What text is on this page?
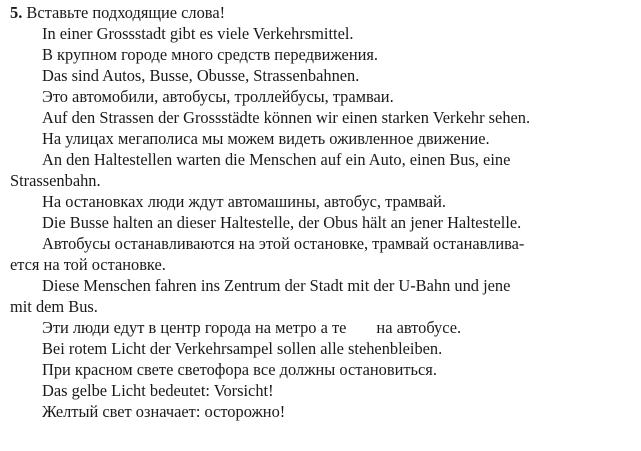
5. Вставьте подходящие слова!
In einer Grossstadt gibt es viele Verkehrsmittel.
В крупном городе много средств передвижения.
Das sind Autos, Busse, Obusse, Strassenbahnen.
Это автомобили, автобусы, троллейбусы, трамваи.
Auf den Strassen der Grossstädte können wir einen starken Verkehr sehen.
На улицах мегаполиса мы можем видеть оживленное движение.
An den Haltestellen warten die Menschen auf ein Auto, einen Bus, eine
Strassenbahn.
На остановках люди ждут автомашины, автобус, трамвай.
Die Busse halten an dieser Haltestelle, der Obus hält an jener Haltestelle.
Автобусы останавливаются на этой остановке, трамвай останавлива-
ется на той остановке.
Diese Menschen fahren ins Zentrum der Stadt mit der U-Bahn und jene
mit dem Bus.
Эти люди едут в центр города на метро а те на автобусе.
Bei rotem Licht der Verkehrsampel sollen alle stehenbleiben.
При красном свете светофора все должны остановиться.
Das gelbe Licht bedeutet: Vorsicht!
Желтый свет означает: осторожно!
